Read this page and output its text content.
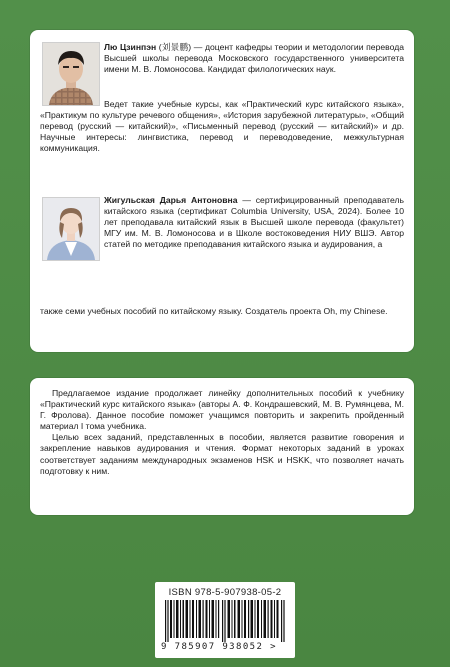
Лю Цзинпэн (刘景鹏) — доцент кафедры теории и методологии перевода Высшей школы перевода Московского государственного университета имени М. В. Ломоносова. Кандидат филологических наук.

Ведет такие учебные курсы, как «Практический курс китайского языка», «Практикум по культуре речевого общения», «История зарубежной литературы», «Общий перевод (русский — китайский)», «Письменный перевод (русский — китайский)» и др. Научные интересы: лингвистика, перевод и переводоведение, межкультурная коммуникация.

Жигульская Дарья Антоновна — сертифицированный преподаватель китайского языка (сертификат Columbia University, USA, 2024). Более 10 лет преподавала китайский язык в Высшей школе перевода (факультет) МГУ им. М. В. Ломоносова и в Школе востоковедения НИУ ВШЭ. Автор статей по методике преподавания китайского языка и аудирования, а

также семи учебных пособий по китайскому языку. Создатель проекта Oh, my Chinese.

Предлагаемое издание продолжает линейку дополнительных пособий к учебнику «Практический курс китайского языка» (авторы А. Ф. Кондрашевский, М. В. Румянцева, М. Г. Фролова). Данное пособие поможет учащимся повторить и закрепить пройденный материал I тома учебника.

Целью всех заданий, представленных в пособии, является развитие говорения и закрепление навыков аудирования и чтения. Формат некоторых заданий в уроках соответствует заданиям международных экзаменов HSK и HSKK, что позволяет начать подготовку к ним.

ISBN 978-5-907938-05-2
9 785907 938052 >
